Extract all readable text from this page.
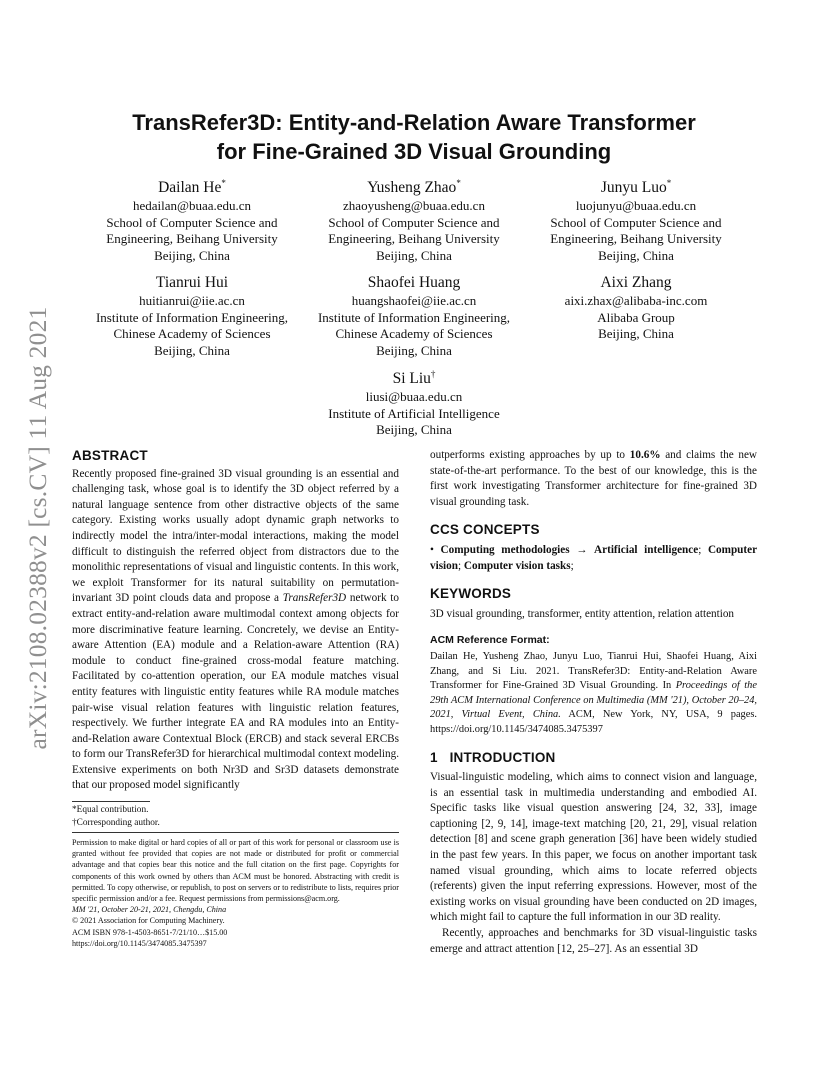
arXiv:2108.02388v2 [cs.CV] 11 Aug 2021
TransRefer3D: Entity-and-Relation Aware Transformer
for Fine-Grained 3D Visual Grounding
Dailan He*
hedailan@buaa.edu.cn
School of Computer Science and
Engineering, Beihang University
Beijing, China
Yusheng Zhao*
zhaoyusheng@buaa.edu.cn
School of Computer Science and
Engineering, Beihang University
Beijing, China
Junyu Luo*
luojunyu@buaa.edu.cn
School of Computer Science and
Engineering, Beihang University
Beijing, China
Tianrui Hui
huitianrui@iie.ac.cn
Institute of Information Engineering,
Chinese Academy of Sciences
Beijing, China
Shaofei Huang
huangshaofei@iie.ac.cn
Institute of Information Engineering,
Chinese Academy of Sciences
Beijing, China
Aixi Zhang
aixi.zhax@alibaba-inc.com
Alibaba Group
Beijing, China
Si Liu†
liusi@buaa.edu.cn
Institute of Artificial Intelligence
Beijing, China
ABSTRACT

Recently proposed fine-grained 3D visual grounding is an essential and challenging task, whose goal is to identify the 3D object referred by a natural language sentence from other distractive objects of the same category. Existing works usually adopt dynamic graph networks to indirectly model the intra/inter-modal interactions, making the model difficult to distinguish the referred object from distractors due to the monolithic representations of visual and linguistic contents. In this work, we exploit Transformer for its natural suitability on permutation-invariant 3D point clouds data and propose a TransRefer3D network to extract entity-and-relation aware multimodal context among objects for more discriminative feature learning. Concretely, we devise an Entity-aware Attention (EA) module and a Relation-aware Attention (RA) module to conduct fine-grained cross-modal feature matching. Facilitated by co-attention operation, our EA module matches visual entity features with linguistic entity features while RA module matches pair-wise visual relation features with linguistic relation features, respectively. We further integrate EA and RA modules into an Entity-and-Relation aware Contextual Block (ERCB) and stack several ERCBs to form our TransRefer3D for hierarchical multimodal context modeling. Extensive experiments on both Nr3D and Sr3D datasets demonstrate that our proposed model significantly

*Equal contribution.
†Corresponding author.

Permission to make digital or hard copies of all or part of this work for personal or classroom use is granted without fee provided that copies are not made or distributed for profit or commercial advantage and that copies bear this notice and the full citation on the first page. Copyrights for components of this work owned by others than ACM must be honored. Abstracting with credit is permitted. To copy otherwise, or republish, to post on servers or to redistribute to lists, requires prior specific permission and/or a fee. Request permissions from permissions@acm.org.

MM '21, October 20-21, 2021, Chengdu, China
© 2021 Association for Computing Machinery.
ACM ISBN 978-1-4503-8651-7/21/10…$15.00
https://doi.org/10.1145/3474085.3475397

outperforms existing approaches by up to 10.6% and claims the new state-of-the-art performance. To the best of our knowledge, this is the first work investigating Transformer architecture for fine-grained 3D visual grounding task.

CCS CONCEPTS

• Computing methodologies → Artificial intelligence; Computer vision; Computer vision tasks;

KEYWORDS

3D visual grounding, transformer, entity attention, relation attention

ACM Reference Format:

Dailan He, Yusheng Zhao, Junyu Luo, Tianrui Hui, Shaofei Huang, Aixi Zhang, and Si Liu. 2021. TransRefer3D: Entity-and-Relation Aware Transformer for Fine-Grained 3D Visual Grounding. In Proceedings of the 29th ACM International Conference on Multimedia (MM '21), October 20–24, 2021, Virtual Event, China. ACM, New York, NY, USA, 9 pages. https://doi.org/10.1145/3474085.3475397

1 INTRODUCTION

Visual-linguistic modeling, which aims to connect vision and language, is an essential task in multimedia understanding and embodied AI. Specific tasks like visual question answering [24, 32, 33], image captioning [2, 9, 14], image-text matching [20, 21, 29], visual relation detection [8] and scene graph generation [36] have been widely studied in the past few years. In this paper, we focus on another important task named visual grounding, which aims to locate referred objects (referents) given the input referring expressions. However, most of the existing works on visual grounding have been conducted on 2D images, which might fail to capture the full information in our 3D reality.

Recently, approaches and benchmarks for 3D visual-linguistic tasks emerge and attract attention [12, 25–27]. As an essential 3D
